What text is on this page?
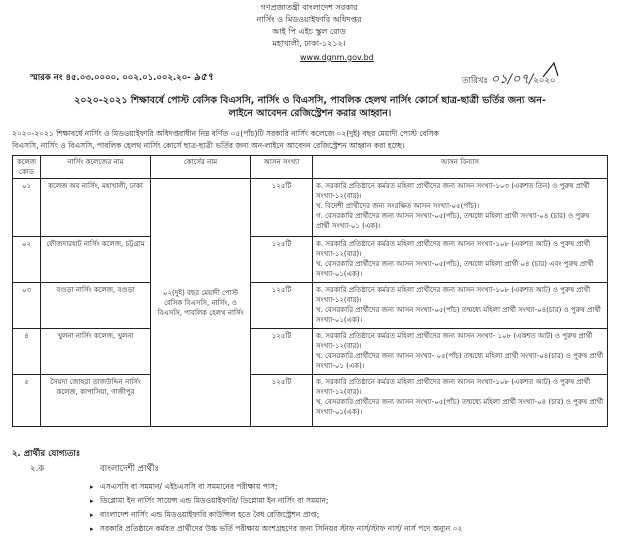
গণপ্রজাতন্ত্রী বাংলাদেশ সরকার
নার্সিং ও মিডওয়াইফারি অধিদপ্তর
আই পি এইচ স্কুল রোড
মহাখালী, ঢাকা-১২১২।
www.dgnm.gov.bd
স্মারক নং ৪৫.০৩.০০০০. ০০২.০১.০০২.২০- ৯৫৭	তারিখঃ ০১/০৭/২০২০
২০২০-২০২১ শিক্ষাবর্ষে পোস্ট বেসিক বিএসসি, নার্সিং ও বিএসসি, পাবলিক হেলথ নার্সিং কোর্সে ছাত্র-ছাত্রী ভর্তির জন্য অন-
লাইনে আবেদন রেজিস্ট্রেশন করার আহ্বান।
২০২০-২০২১ শিক্ষাবর্ষে নার্সিং ও মিডওয়াইফারি অধিদপ্তরাধীন নিম্ন বর্ণিত ০৫(পাঁচ)টি সরকারি নার্সিং কলেজে ০২(দুই) বছর মেয়াদী পোস্ট বেসিক
বিএসসি, নার্সিং ও বিএসসি, পাবলিক হেলথ নার্সিং কোর্সে ছাত্র-ছাত্রী ভর্তির জন্য অন-লাইনে আবেদন রেজিস্ট্রেশন আহ্বান করা হচ্ছে।
কলেজ কোড	নার্সিং কলেজের নাম	কোর্সের নাম	আসন সংখ্যা	আসন বিন্যাস
০১	কলেজ অব নার্সিং, মহাখালী, ঢাকা	০২(দুই) বছর মেয়াদী পোস্ট বেসিক বিএসসি, নার্সিং, ও বিএসসি, পাবলিক হেলথ নার্সিং	১২৫টি	ক. সরকারি প্রতিষ্ঠানে কর্মরত মহিলা প্রার্থীদের জন্য আসন সংখ্যা-১০৩ (একশত তিন) ও পুরুষ প্রার্থী সংখ্যা-১২(বার)।
খ. বিদেশী প্রার্থীদের জন্য সংরক্ষিত আসন সংখ্যা-০৫(পাঁচ)।
গ. বেসরকারি প্রার্থীদের জন্য আসন সংখ্যা-০৫(পাঁচ), তন্মধ্যে মহিলা প্রার্থী সংখ্যা-০৪ (চার) ও পুরুষ প্রার্থী সংখ্যা-০১ (এক)।

০২	ফৌজদারহাট নার্সিং কলেজ, চট্টগ্রাম		১২৫টি	ক. সরকারি প্রতিষ্ঠানে কর্মরত মহিলা প্রার্থীদের জন্য আসন সংখ্যা-১০৮ (একশত আট) ও পুরুষ প্রার্থী সংখ্যা-১২(বার)।
খ. বেসরকারি প্রার্থীদের জন্য আসন সংখ্যা-০৫(পাঁচ), তন্মধ্যে মহিলা প্রার্থী ০৪ (চার) এবং পুরুষ প্রার্থী সংখ্যা-০১(এক)।

০৩	বগুড়া নার্সিং কলেজ, বগুড়া		১২৫টি	ক. সরকারি প্রতিষ্ঠানে কর্মরত মহিলা প্রার্থীদের জন্য আসন সংখ্যা-১০৮ (একশত আট) ও পুরুষ প্রার্থী সংখ্যা-১২(বার)।
খ. বেসরকারি প্রার্থীদের জন্য আসন সংখ্যা-০৫(পাঁচ) তন্মধ্যে মহিলা প্রার্থী সংখ্যা-০৪(চার) ও পুরুষ প্রার্থী সংখ্যা-০১(এক)।

৪	খুলনা নার্সিং কলেজ, খুলনা		১২৫টি	ক. সরকারি প্রতিষ্ঠানে কর্মরত মহিলা প্রার্থীদের জন্য আসন সংখ্যা- ১০৮ (একশত আট) ও পুরুষ প্রার্থী সংখ্যা-১২(বার)।
খ. বেসরকারি প্রার্থীদের জন্য আসন সংখ্যা- ০৫(পাঁচ) তন্মধ্যে মহিলা প্রার্থী সংখ্যা-০৪(চার) ও পুরুষ প্রার্থী সংখ্যা-০১ (এক)।

৫	সৈয়দা জোহরা তাজউদ্দিন নার্সিং কলেজ, কাপাসিয়া, গাজীপুর		১২৫টি	ক. সরকারি প্রতিষ্ঠানে কর্মরত মহিলা প্রার্থীদের জন্য আসন সংখ্যা-১০৮ (একশত আট) ও পুরুষ প্রার্থী সংখ্যা-১২(বার)।
খ. বেসরকারি প্রার্থীদের জন্য আসন সংখ্যা-০৫(পাঁচ) তন্মধ্যে মহিলা প্রার্থী সংখ্যা-০৪ (চার) ও পুরুষ প্রার্থী সংখ্যা-০১(এক)।
২. প্রার্থীর যোগ্যতাঃ
২.ক	বাংলাদেশী প্রার্থীঃ
▸ এসএসসি বা সমমান/ এইচএসসি বা সমমানের পরীক্ষায় পাস;
▸ ডিপ্লোমা ইন নার্সিং সায়েন্স এন্ড মিডওয়াইফারি/ ডিপ্লোমা ইন নার্সিং বা সমমান;
▸ বাংলাদেশ নার্সিং এন্ড মিডওয়াইফারি কাউন্সিল হতে বৈধ রেজিস্ট্রেশন প্রাপ্ত;
▸ সরকারি প্রতিষ্ঠানে কর্মরত প্রার্থীদের উচ্চ ভর্তি পরীক্ষায় অংশগ্রহণের জন্য সিনিয়র স্টাফ নার্স/স্টাফ নার্স/ নার্স পদে অন্যুন ০২
